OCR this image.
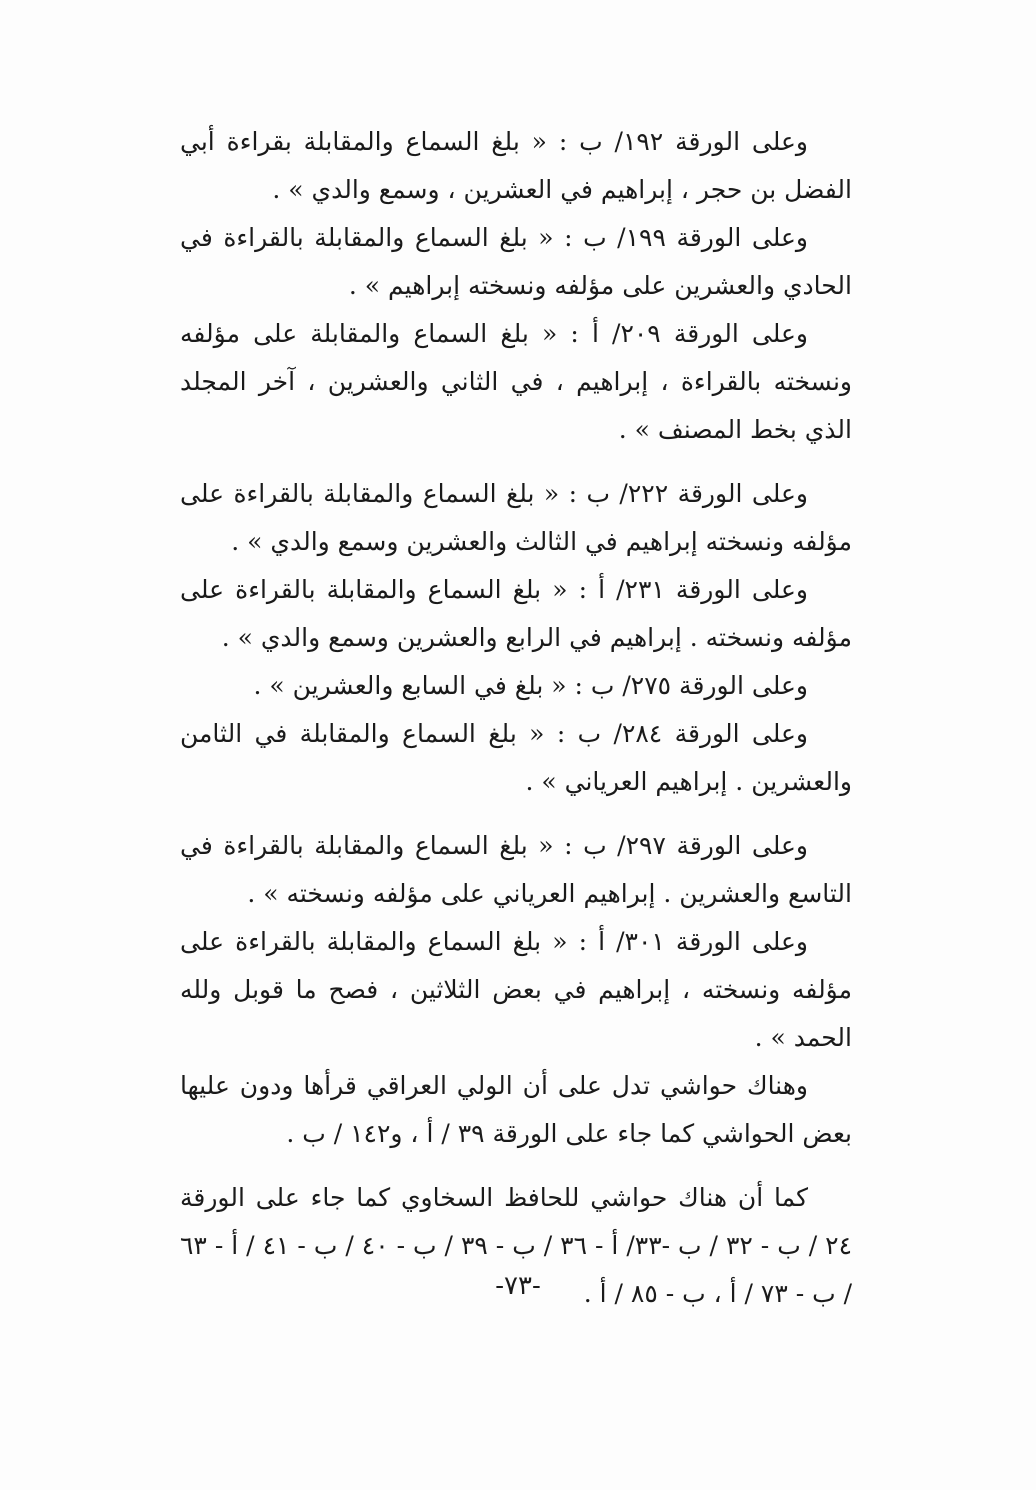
وعلى الورقة ١٩٢/ ب : « بلغ السماع والمقابلة بقراءة أبي الفضل بن حجر ، إبراهيم في العشرين ، وسمع والدي » .

وعلى الورقة ١٩٩/ ب : « بلغ السماع والمقابلة بالقراءة في الحادي والعشرين على مؤلفه ونسخته إبراهيم » .

وعلى الورقة ٢٠٩/ أ : « بلغ السماع والمقابلة على مؤلفه ونسخته بالقراءة ، إبراهيم ، في الثاني والعشرين ، آخر المجلد الذي بخط المصنف » .

وعلى الورقة ٢٢٢/ ب : « بلغ السماع والمقابلة بالقراءة على مؤلفه ونسخته إبراهيم في الثالث والعشرين وسمع والدي » .

وعلى الورقة ٢٣١/ أ : « بلغ السماع والمقابلة بالقراءة على مؤلفه ونسخته . إبراهيم في الرابع والعشرين وسمع والدي » .

وعلى الورقة ٢٧٥/ ب : « بلغ في السابع والعشرين » .

وعلى الورقة ٢٨٤/ ب : « بلغ السماع والمقابلة في الثامن والعشرين . إبراهيم العرياني » .

وعلى الورقة ٢٩٧/ ب : « بلغ السماع والمقابلة بالقراءة في التاسع والعشرين . إبراهيم العرياني على مؤلفه ونسخته » .

وعلى الورقة ٣٠١/ أ : « بلغ السماع والمقابلة بالقراءة على مؤلفه ونسخته ، إبراهيم في بعض الثلاثين ، فصح ما قوبل ولله الحمد » .

وهناك حواشي تدل على أن الولي العراقي قرأها ودون عليها بعض الحواشي كما جاء على الورقة ٣٩ / أ ، و١٤٢ / ب .

كما أن هناك حواشي للحافظ السخاوي كما جاء على الورقة ٢٤ / ب - ٣٢ / ب -٣٣/ أ - ٣٦ / ب - ٣٩ / ب - ٤٠ / ب - ٤١ / أ - ٦٣ / ب - ٧٣ / أ ، ب - ٨٥ / أ .

-٧٣-
